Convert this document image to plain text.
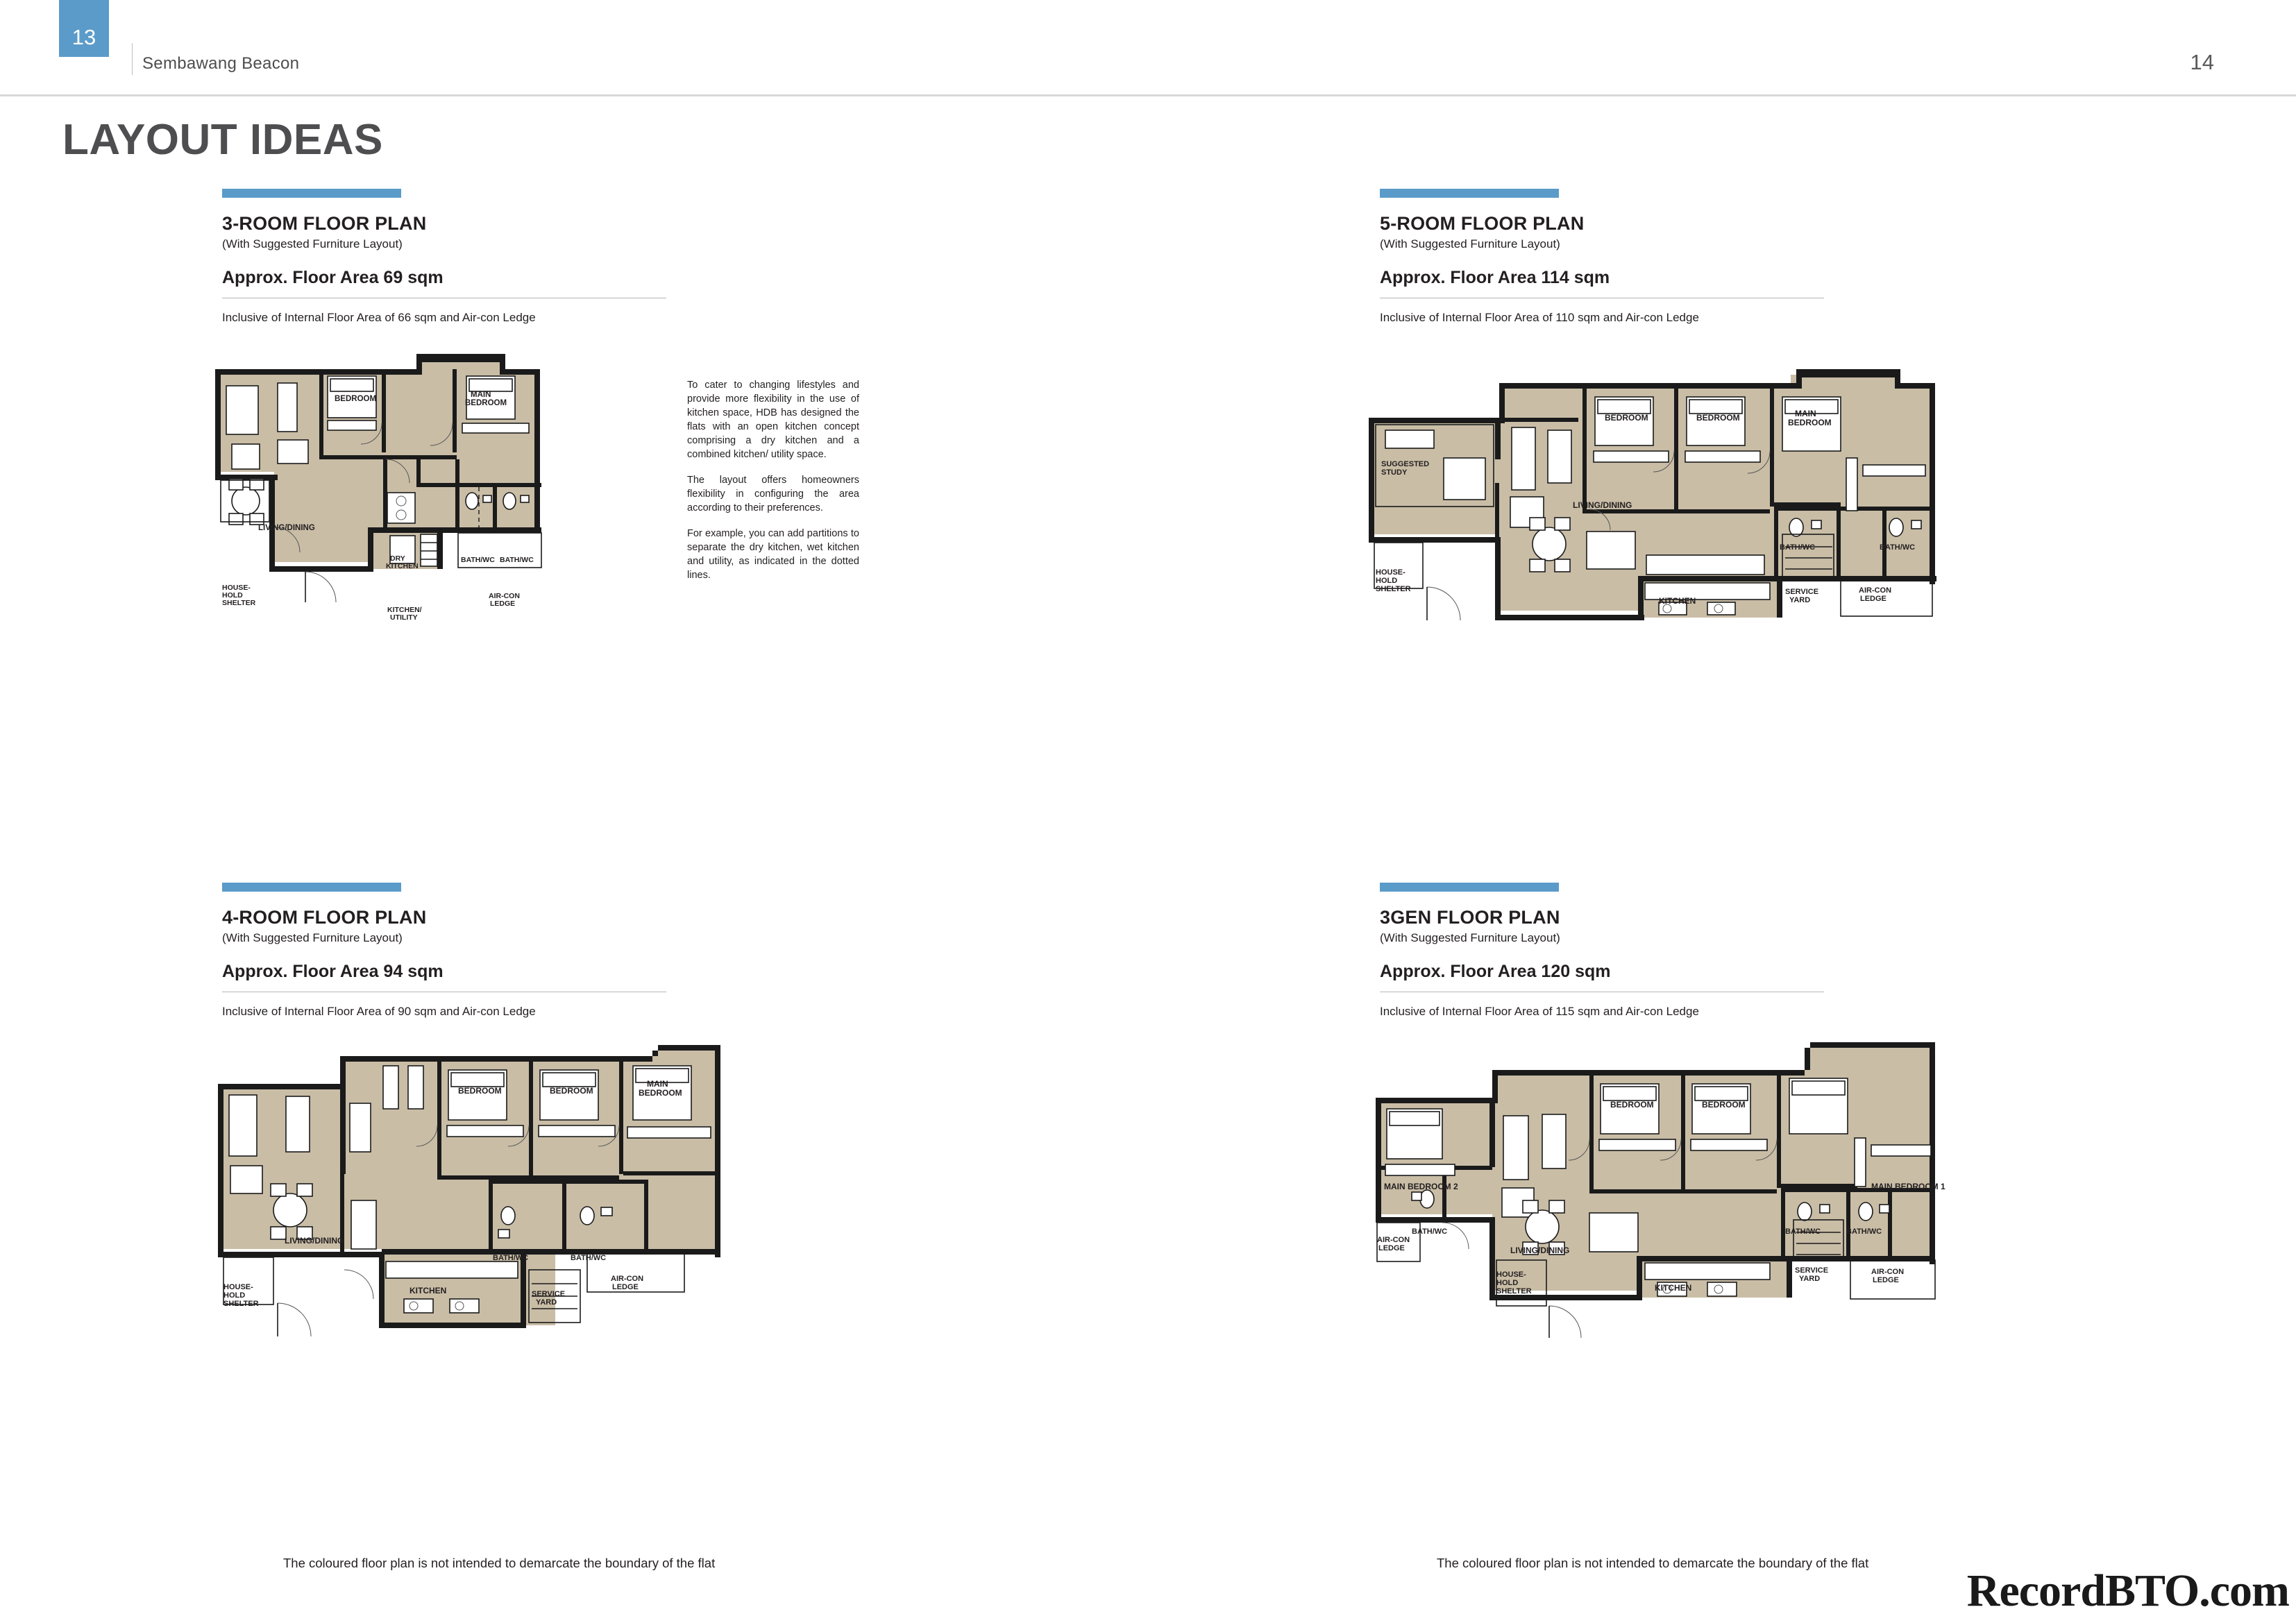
13
Sembawang Beacon	14
LAYOUT IDEAS
3-ROOM FLOOR PLAN
(With Suggested Furniture Layout)
Approx. Floor Area 69 sqm
Inclusive of Internal Floor Area of 66 sqm and Air-con Ledge
BEDROOM	MAIN
BEDROOM
LIVING/DINING
DRY
KITCHEN
BATH/WC BATH/WC
HOUSE-
HOLD
SHELTER
KITCHEN/
UTILITY
AIR-CON
LEDGE

To cater to changing lifestyles and provide more flexibility in the use of kitchen space, HDB has designed the flats with an open kitchen concept comprising a dry kitchen and a combined kitchen/ utility space.

The layout offers homeowners flexibility in configuring the area according to their preferences.

For example, you can add partitions to separate the dry kitchen, wet kitchen and utility, as indicated in the dotted lines.

5-ROOM FLOOR PLAN
(With Suggested Furniture Layout)
Approx. Floor Area 114 sqm
Inclusive of Internal Floor Area of 110 sqm and Air-con Ledge
SUGGESTED
STUDY
BEDROOM	BEDROOM	MAIN
BEDROOM
LIVING/DINING
BATH/WC	BATH/WC
HOUSE-
HOLD
SHELTER
KITCHEN
SERVICE
YARD
AIR-CON
LEDGE
4-ROOM FLOOR PLAN
(With Suggested Furniture Layout)
Approx. Floor Area 94 sqm
Inclusive of Internal Floor Area of 90 sqm and Air-con Ledge
BEDROOM	BEDROOM
MAIN
BEDROOM
LIVING/DINING
BATH/WC	BATH/WC
HOUSE-
HOLD
SHELTER
KITCHEN	SERVICE
YARD
AIR-CON
LEDGE
3GEN FLOOR PLAN
(With Suggested Furniture Layout)
Approx. Floor Area 120 sqm
Inclusive of Internal Floor Area of 115 sqm and Air-con Ledge
MAIN BEDROOM 2
BEDROOM	BEDROOM
MAIN BEDROOM 1
LIVING/DINING
BATH/WC	BATH/WC
BATH/WC
AIR-CON
LEDGE
HOUSE-
HOLD
SHELTER	KITCHEN
SERVICE
YARD
AIR-CON
LEDGE
The coloured floor plan is not intended to demarcate the boundary of the flat	The coloured floor plan is not intended to demarcate the boundary of the flat
RecordBTO.com
